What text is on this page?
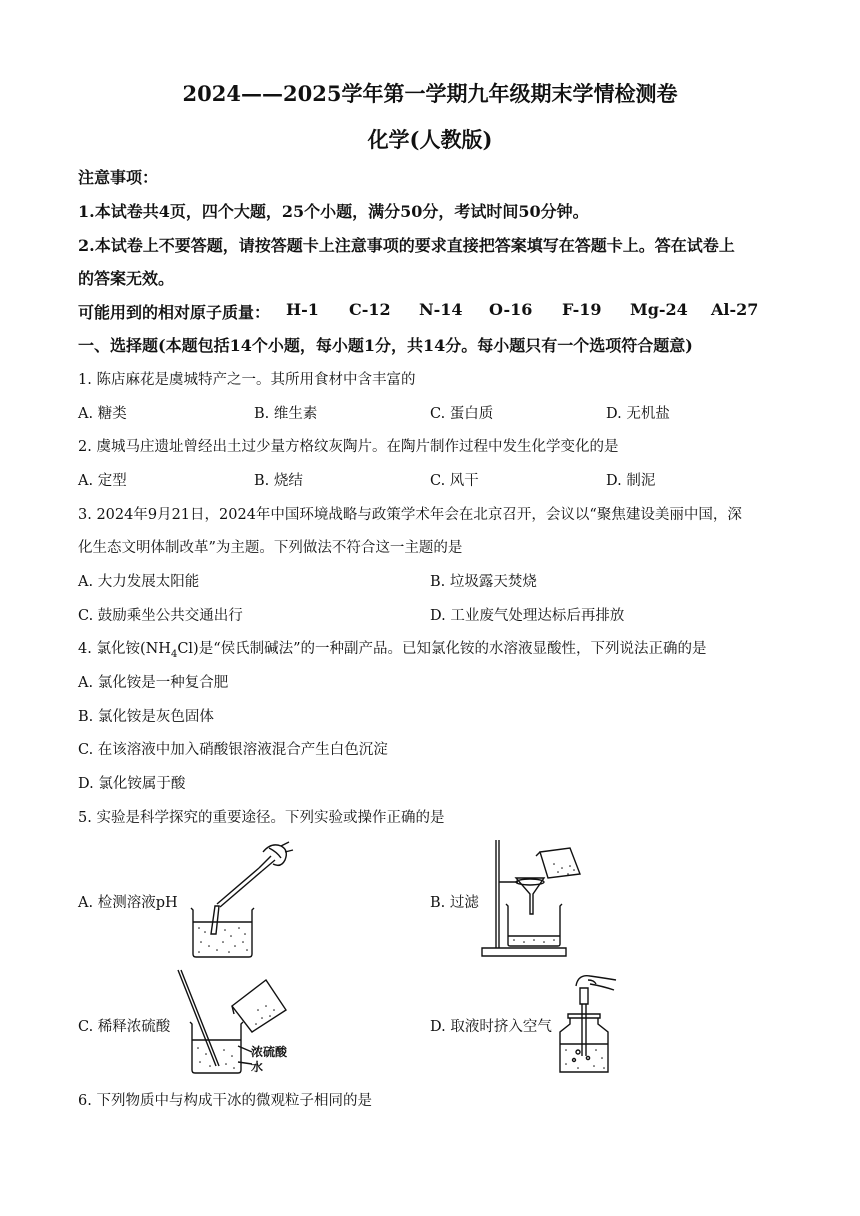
2024——2025学年第一学期九年级期末学情检测卷
化学(人教版)
注意事项：
1.本试卷共4页，四个大题，25个小题，满分50分，考试时间50分钟。
2.本试卷上不要答题，请按答题卡上注意事项的要求直接把答案填写在答题卡上。答在试卷上
的答案无效。
可能用到的相对原子质量： H-1 C-12 N-14 O-16 F-19 Mg-24 Al-27
一、选择题(本题包括14个小题，每小题1分，共14分。每小题只有一个选项符合题意)
1. 陈店麻花是虞城特产之一。其所用食材中含丰富的
A. 糖类	B. 维生素	C. 蛋白质	D. 无机盐
2. 虞城马庄遗址曾经出土过少量方格纹灰陶片。在陶片制作过程中发生化学变化的是
A. 定型	B. 烧结	C. 风干	D. 制泥
3. 2024年9月21日，2024年中国环境战略与政策学术年会在北京召开，会议以“聚焦建设美丽中国，深
化生态文明体制改革”为主题。下列做法不符合这一主题的是
A. 大力发展太阳能	B. 垃圾露天焚烧
C. 鼓励乘坐公共交通出行	D. 工业废气处理达标后再排放
4. 氯化铵$(NH_4Cl)$是“侯氏制碱法”的一种副产品。已知氯化铵的水溶液显酸性，下列说法正确的是
A. 氯化铵是一种复合肥
B. 氯化铵是灰色固体
C. 在该溶液中加入硝酸银溶液混合产生白色沉淀
D. 氯化铵属于酸
5. 实验是科学探究的重要途径。下列实验或操作正确的是
A. 检测溶液pH	B. 过滤
C. 稀释浓硫酸	D. 取液时挤入空气
浓硫酸
水
6. 下列物质中与构成干冰的微观粒子相同的是
